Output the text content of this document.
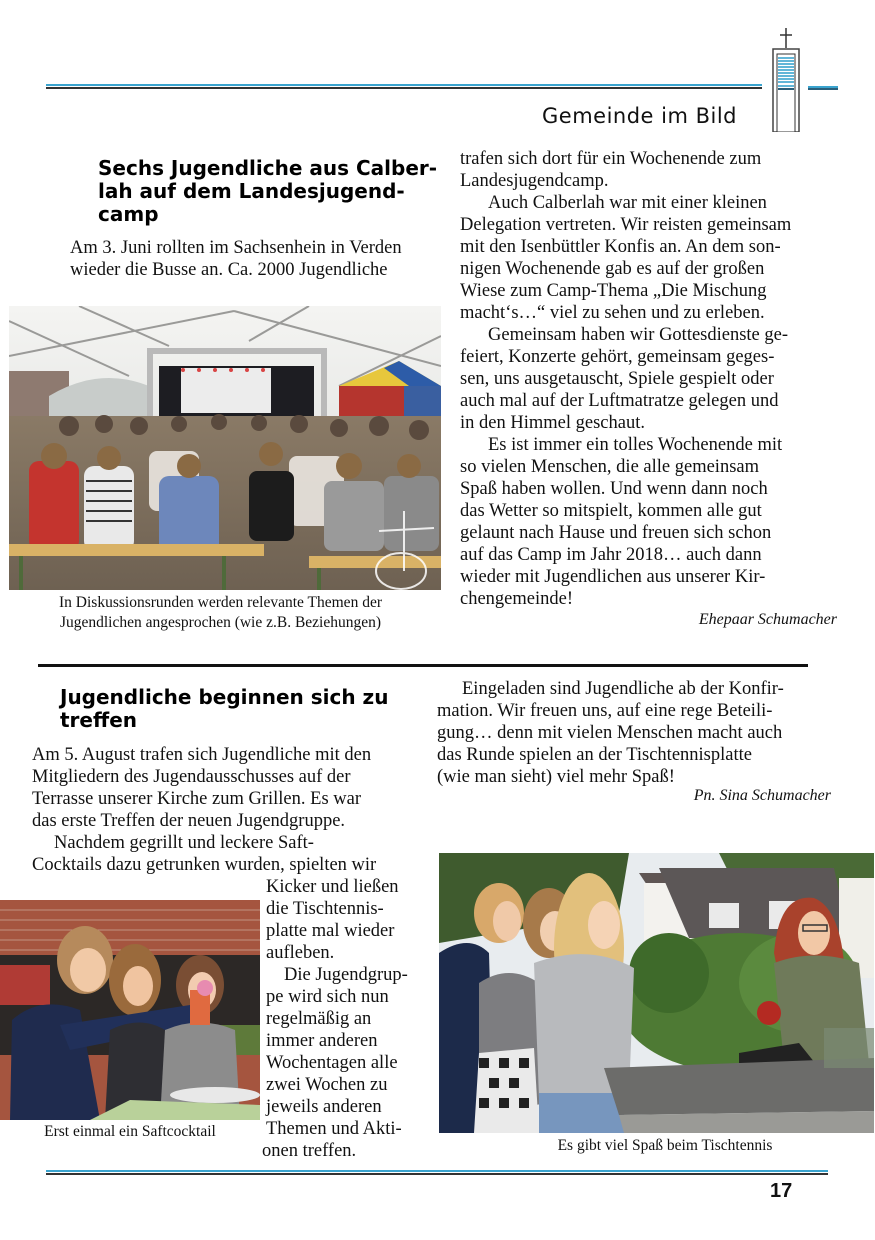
Gemeinde im Bild
Sechs Jugendliche aus Calber-
lah auf dem Landesjugend-
camp

Am 3. Juni rollten im Sachsenhein in Verden

wieder die Busse an. Ca. 2000 Jugendliche

In Diskussionsrunden werden relevante Themen der
Jugendlichen angesprochen (wie z.B. Beziehungen)

trafen sich dort für ein Wochenende zum

Landesjugendcamp.

Auch Calberlah war mit einer kleinen

Delegation vertreten. Wir reisten gemeinsam

mit den Isenbüttler Konfis an. An dem son-

nigen Wochenende gab es auf der großen

Wiese zum Camp-Thema „Die Mischung

macht‘s…“ viel zu sehen und zu erleben.

Gemeinsam haben wir Gottesdienste ge-

feiert, Konzerte gehört, gemeinsam geges-

sen, uns ausgetauscht, Spiele gespielt oder

auch mal auf der Luftmatratze gelegen und

in den Himmel geschaut.

Es ist immer ein tolles Wochenende mit

so vielen Menschen, die alle gemeinsam

Spaß haben wollen. Und wenn dann noch

das Wetter so mitspielt, kommen alle gut

gelaunt nach Hause und freuen sich schon

auf das Camp im Jahr 2018… auch dann

wieder mit Jugendlichen aus unserer Kir-

chengemeinde!

Ehepaar Schumacher
Jugendliche beginnen sich zu
treffen

Am 5. August trafen sich Jugendliche mit den

Mitgliedern des Jugendausschusses auf der

Terrasse unserer Kirche zum Grillen. Es war

das erste Treffen der neuen Jugendgruppe.

Nachdem gegrillt und leckere Saft-

Cocktails dazu getrunken wurden, spielten wir

Kicker und ließen

die Tischtennis-

platte mal wieder

aufleben.

Die Jugendgrup-

pe wird sich nun

regelmäßig an

immer anderen

Wochentagen alle

zwei Wochen zu

jeweils anderen

Themen und Akti-

onen treffen.

Erst einmal ein Saftcocktail

Eingeladen sind Jugendliche ab der Konfir-

mation. Wir freuen uns, auf eine rege Beteili-

gung… denn mit vielen Menschen macht auch

das Runde spielen an der Tischtennisplatte

(wie man sieht) viel mehr Spaß!

Pn. Sina Schumacher
Es gibt viel Spaß beim Tischtennis
17
